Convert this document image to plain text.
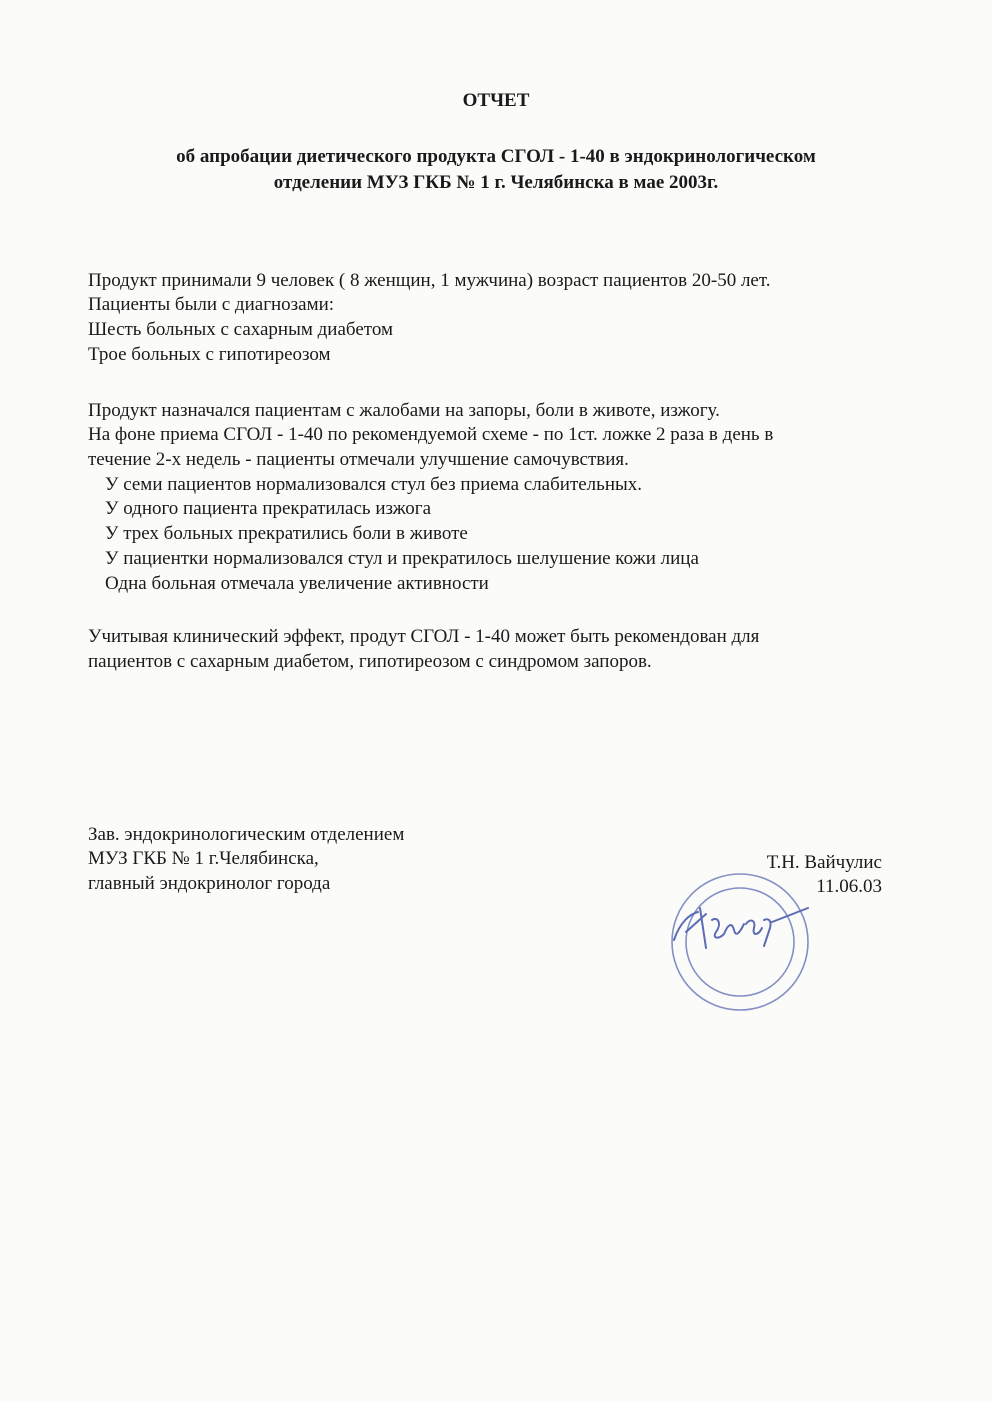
ОТЧЕТ
об апробации диетического продукта СГОЛ - 1-40 в эндокринологическом
отделении МУЗ ГКБ № 1 г. Челябинска в мае 2003г.
Продукт принимали 9 человек ( 8 женщин, 1 мужчина) возраст пациентов 20-50 лет.
Пациенты были с диагнозами:
Шесть больных с сахарным диабетом
Трое больных с гипотиреозом
Продукт назначался пациентам с жалобами на запоры, боли в животе, изжогу.
На фоне приема СГОЛ - 1-40 по рекомендуемой схеме - по 1ст. ложке 2 раза в день в
течение 2-х недель - пациенты отмечали улучшение самочувствия.
У семи пациентов нормализовался стул без приема слабительных.
У одного пациента прекратилась изжога
У трех больных прекратились боли в животе
У пациентки нормализовался стул и прекратилось шелушение кожи лица
Одна больная отмечала увеличение активности
Учитывая клинический эффект, продут СГОЛ - 1-40 может быть рекомендован для
пациентов с сахарным диабетом, гипотиреозом с синдромом запоров.
Зав. эндокринологическим отделением
МУЗ ГКБ № 1 г.Челябинска,
главный эндокринолог города
Т.Н. Вайчулис
11.06.03
